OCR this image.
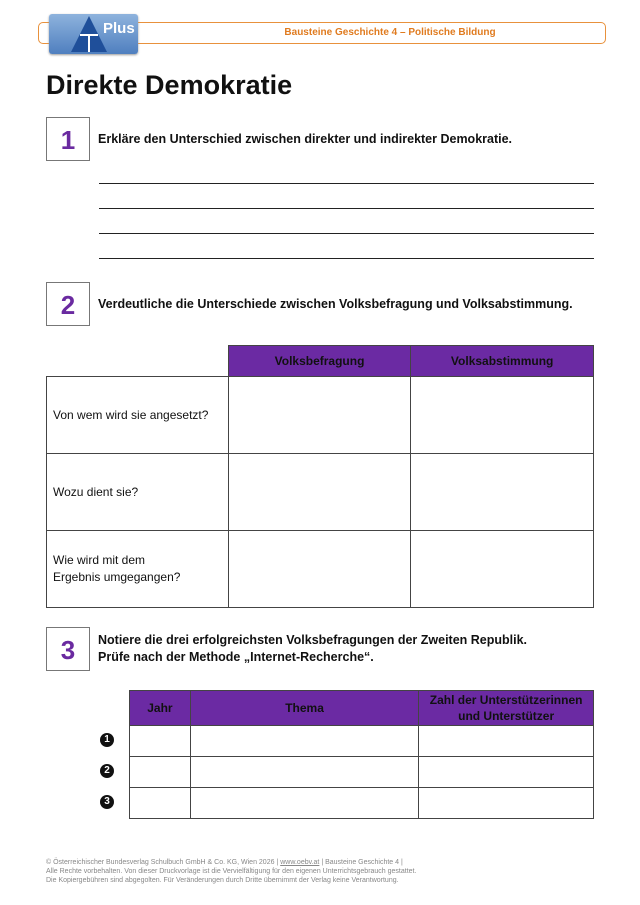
Bausteine Geschichte 4 – Politische Bildung
Plus
Direkte Demokratie
1	Erkläre den Unterschied zwischen direkter und indirekter Demokratie.
2	Verdeutliche die Unterschiede zwischen Volksbefragung und Volksabstimmung.
	Volksbefragung	Volksabstimmung
Von wem wird sie angesetzt?		
Wozu dient sie?		
Wie wird mit dem Ergebnis umgegangen?		
3	Notiere die drei erfolgreichsten Volksbefragungen der Zweiten Republik.
Prüfe nach der Methode „Internet-Recherche“.
Jahr	Thema	Zahl der Unterstützerinnen und Unterstützer

1
2
3
© Österreichischer Bundesverlag Schulbuch GmbH & Co. KG, Wien 2026 | www.oebv.at | Bausteine Geschichte 4 |
Alle Rechte vorbehalten. Von dieser Druckvorlage ist die Vervielfältigung für den eigenen Unterrichtsgebrauch gestattet.
Die Kopiergebühren sind abgegolten. Für Veränderungen durch Dritte übernimmt der Verlag keine Verantwortung.
